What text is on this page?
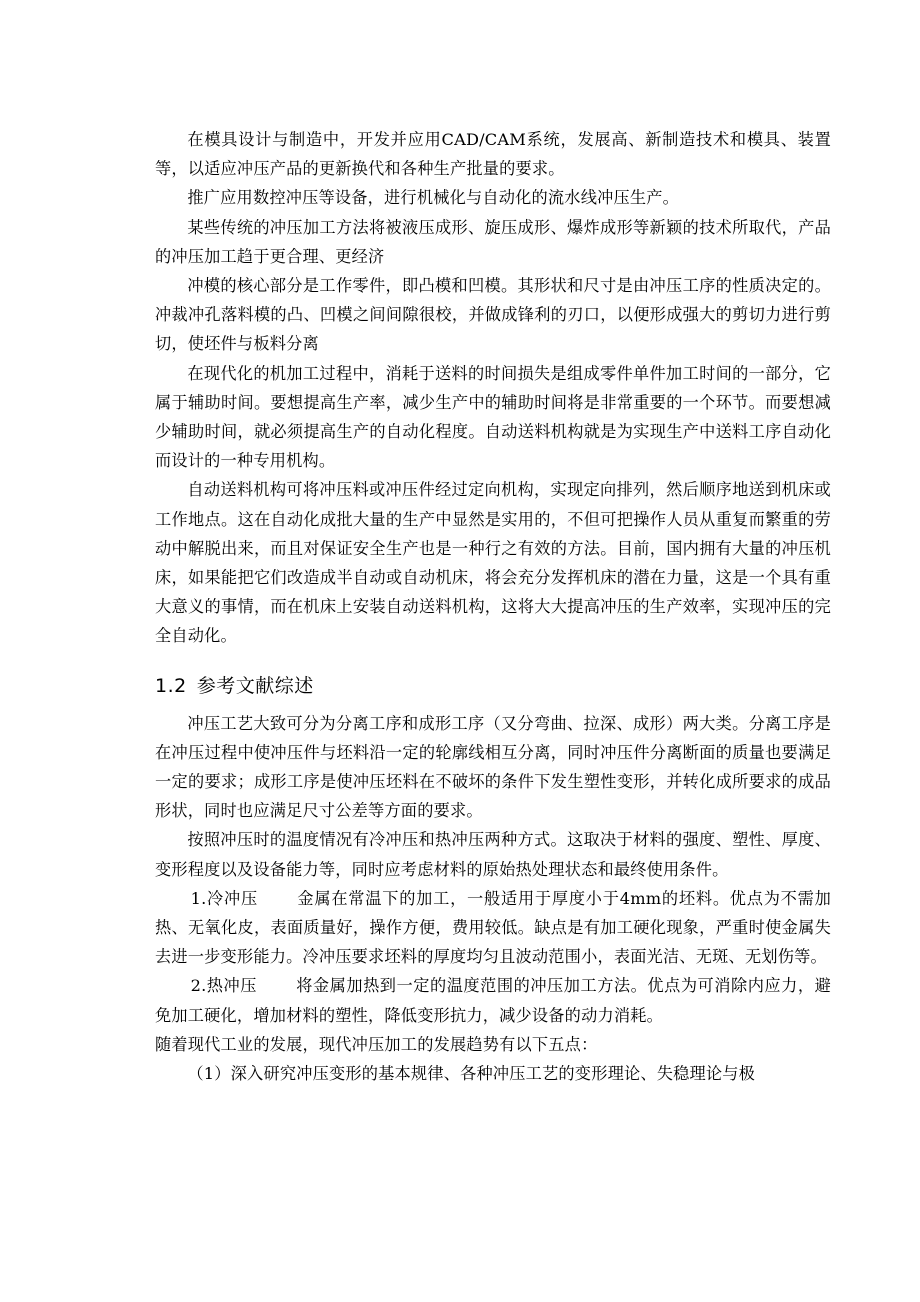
在模具设计与制造中，开发并应用CAD/CAM系统，发展高、新制造技术和模具、装置等，以适应冲压产品的更新换代和各种生产批量的要求。

推广应用数控冲压等设备，进行机械化与自动化的流水线冲压生产。

某些传统的冲压加工方法将被液压成形、旋压成形、爆炸成形等新颖的技术所取代，产品的冲压加工趋于更合理、更经济

冲模的核心部分是工作零件，即凸模和凹模。其形状和尺寸是由冲压工序的性质决定的。冲裁冲孔落料模的凸、凹模之间间隙很校，并做成锋利的刃口，以便形成强大的剪切力进行剪切，使坯件与板料分离

在现代化的机加工过程中，消耗于送料的时间损失是组成零件单件加工时间的一部分，它属于辅助时间。要想提高生产率，减少生产中的辅助时间将是非常重要的一个环节。而要想减少辅助时间，就必须提高生产的自动化程度。自动送料机构就是为实现生产中送料工序自动化而设计的一种专用机构。

自动送料机构可将冲压料或冲压件经过定向机构，实现定向排列，然后顺序地送到机床或工作地点。这在自动化成批大量的生产中显然是实用的，不但可把操作人员从重复而繁重的劳动中解脱出来，而且对保证安全生产也是一种行之有效的方法。目前，国内拥有大量的冲压机床，如果能把它们改造成半自动或自动机床，将会充分发挥机床的潜在力量，这是一个具有重大意义的事情，而在机床上安装自动送料机构，这将大大提高冲压的生产效率，实现冲压的完全自动化。

1.2 参考文献综述

冲压工艺大致可分为分离工序和成形工序（又分弯曲、拉深、成形）两大类。分离工序是在冲压过程中使冲压件与坯料沿一定的轮廓线相互分离，同时冲压件分离断面的质量也要满足一定的要求；成形工序是使冲压坯料在不破坏的条件下发生塑性变形，并转化成所要求的成品形状，同时也应满足尺寸公差等方面的要求。

按照冲压时的温度情况有冷冲压和热冲压两种方式。这取决于材料的强度、塑性、厚度、变形程度以及设备能力等，同时应考虑材料的原始热处理状态和最终使用条件。

1.冷冲压 金属在常温下的加工，一般适用于厚度小于4mm的坯料。优点为不需加热、无氧化皮，表面质量好，操作方便，费用较低。缺点是有加工硬化现象，严重时使金属失去进一步变形能力。冷冲压要求坯料的厚度均匀且波动范围小，表面光洁、无斑、无划伤等。

2.热冲压 将金属加热到一定的温度范围的冲压加工方法。优点为可消除内应力，避免加工硬化，增加材料的塑性，降低变形抗力，减少设备的动力消耗。

随着现代工业的发展，现代冲压加工的发展趋势有以下五点：

（1）深入研究冲压变形的基本规律、各种冲压工艺的变形理论、失稳理论与极
